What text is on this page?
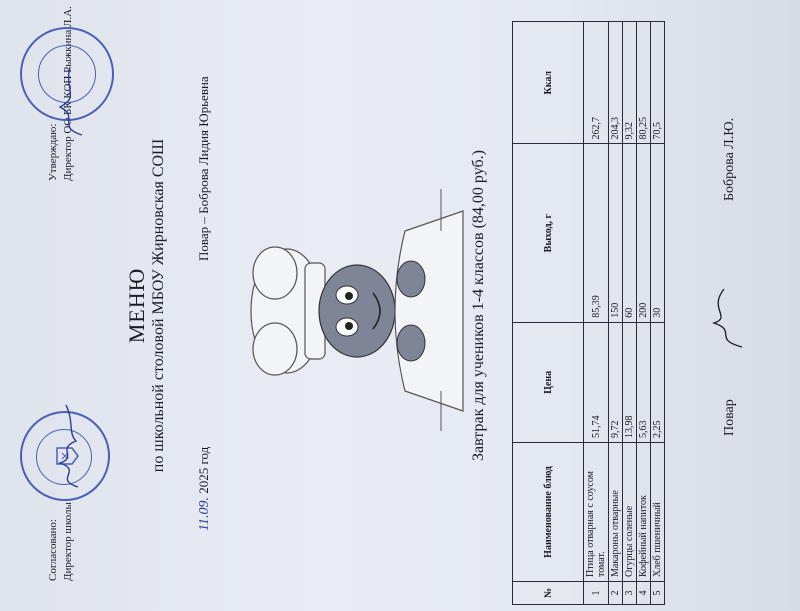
Согласовано: Директор школы
Утверждаю: Директор ОО БК КОП Рыжкина Л.А.
МЕНЮ по школьной столовой МБОУ Жирновская СОШ
11.09. 2025 год
Повар – Боброва Лидия Юрьевна	Завтрак для учеников 1-4 классов (84,00 руб.)
№	Наименование блюд	Цена	Выход, г	Ккал
1	Птица отварная с соусом томат.	51,74	85,39	262,7
2	Макароны отварные	9,72	150	204,3
3	Огурцы соленые	13,98	60	9,32
4	Кофейный напиток	5,63	200	80,25
5	Хлеб пшеничный	2,25	30	70,5
Повар
Боброва Л.Ю.
